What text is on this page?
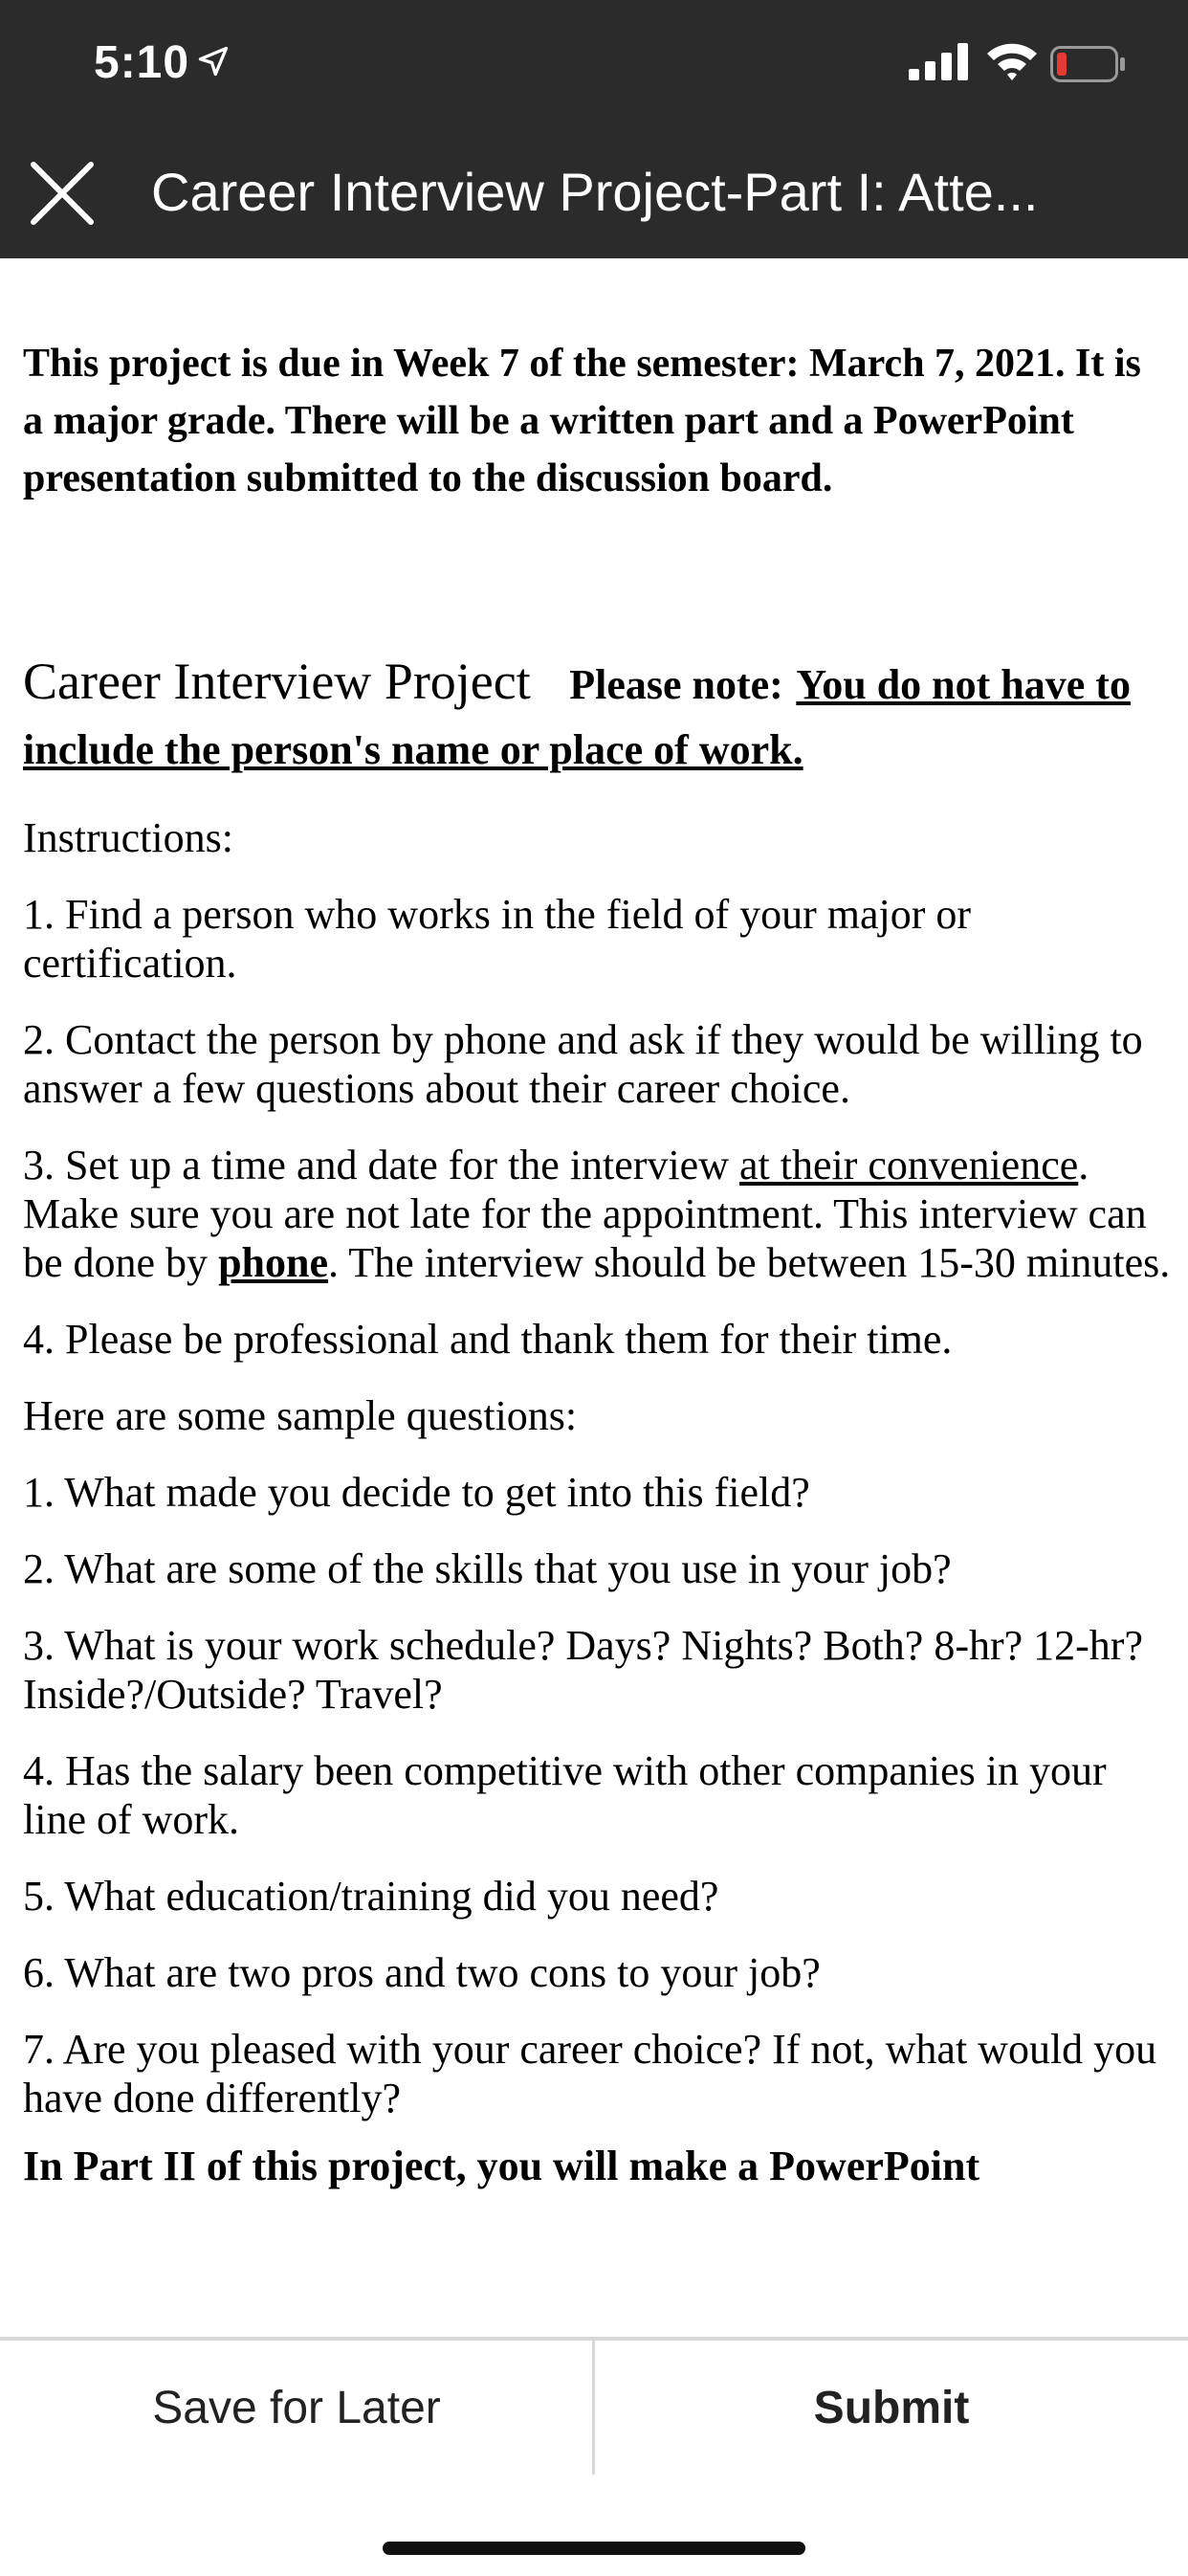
5:10
Career Interview Project-Part I: Atte...

This project is due in Week 7 of the semester: March 7, 2021. It is a major grade. There will be a written part and a PowerPoint presentation submitted to the discussion board.

Career Interview Project Please note: You do not have to include the person's name or place of work.

Instructions:

1. Find a person who works in the field of your major or certification.

2. Contact the person by phone and ask if they would be willing to answer a few questions about their career choice.

3. Set up a time and date for the interview at their convenience. Make sure you are not late for the appointment. This interview can be done by phone. The interview should be between 15-30 minutes.

4. Please be professional and thank them for their time.

Here are some sample questions:

1. What made you decide to get into this field?

2. What are some of the skills that you use in your job?

3. What is your work schedule? Days? Nights? Both? 8-hr? 12-hr? Inside?/Outside? Travel?

4. Has the salary been competitive with other companies in your line of work.

5. What education/training did you need?

6. What are two pros and two cons to your job?

7. Are you pleased with your career choice? If not, what would you have done differently?

In Part II of this project, you will make a PowerPoint

Save for Later	Submit
